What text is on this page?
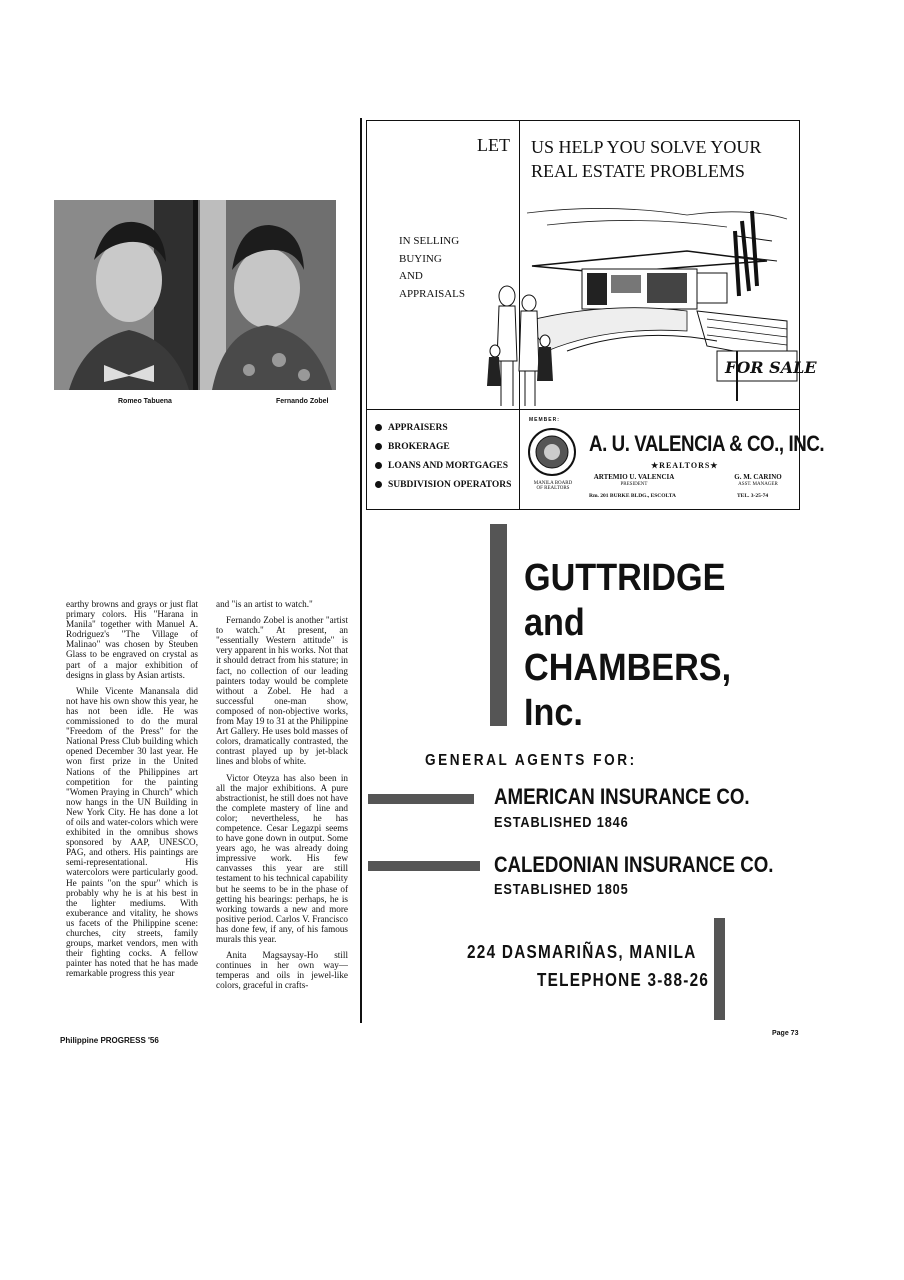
Romeo Tabuena	Fernando Zobel

earthy browns and grays or just flat primary colors. His "Harana in Manila" together with Manuel A. Rodriguez's "The Village of Malinao" was chosen by Steuben Glass to be engraved on crystal as part of a major exhibition of designs in glass by Asian artists.

While Vicente Manansala did not have his own show this year, he has not been idle. He was commissioned to do the mural "Freedom of the Press" for the National Press Club building which opened December 30 last year. He won first prize in the United Nations of the Philippines art competition for the painting "Women Praying in Church" which now hangs in the UN Building in New York City. He has done a lot of oils and water-colors which were exhibited in the omnibus shows sponsored by AAP, UNESCO, PAG, and others. His paintings are semi-representational. His watercolors were particularly good. He paints "on the spur" which is probably why he is at his best in the lighter mediums. With exuberance and vitality, he shows us facets of the Philippine scene: churches, city streets, family groups, market vendors, men with their fighting cocks. A fellow painter has noted that he has made remarkable progress this year

and "is an artist to watch."

Fernando Zobel is another "artist to watch." At present, an "essentially Western attitude" is very apparent in his works. Not that it should detract from his stature; in fact, no collection of our leading painters today would be complete without a Zobel. He had a successful one-man show, composed of non-objective works, from May 19 to 31 at the Philippine Art Gallery. He uses bold masses of colors, dramatically contrasted, the contrast played up by jet-black lines and blobs of white.

Victor Oteyza has also been in all the major exhibitions. A pure abstractionist, he still does not have the complete mastery of line and color; nevertheless, he has competence. Cesar Legazpi seems to have gone down in output. Some years ago, he was already doing impressive work. His few canvasses this year are still testament to his technical capability but he seems to be in the phase of getting his bearings: perhaps, he is working towards a new and more positive period. Carlos V. Francisco has done few, if any, of his famous murals this year.

Anita Magsaysay-Ho still continues in her own way—temperas and oils in jewel-like colors, graceful in crafts-

Philippine PROGRESS '56
LET US HELP YOU SOLVE YOUR
REAL ESTATE PROBLEMS
IN SELLING
BUYING
AND
APPRAISALS
FOR SALE
APPRAISERS
BROKERAGE
LOANS AND MORTGAGES
SUBDIVISION OPERATORS
MEMBER:
MANILA BOARD
OF REALTORS
A. U. VALENCIA & CO., INC.
★REALTORS★
ARTEMIO U. VALENCIA
PRESIDENT
G. M. CARINO
ASST. MANAGER
Rm. 201 BURKE BLDG., ESCOLTA	TEL. 3-25-74
GUTTRIDGE
and
CHAMBERS,
Inc.
GENERAL AGENTS FOR:
AMERICAN INSURANCE CO.
ESTABLISHED 1846
CALEDONIAN INSURANCE CO.
ESTABLISHED 1805
224 DASMARIÑAS, MANILA
TELEPHONE 3-88-26
Page 73
